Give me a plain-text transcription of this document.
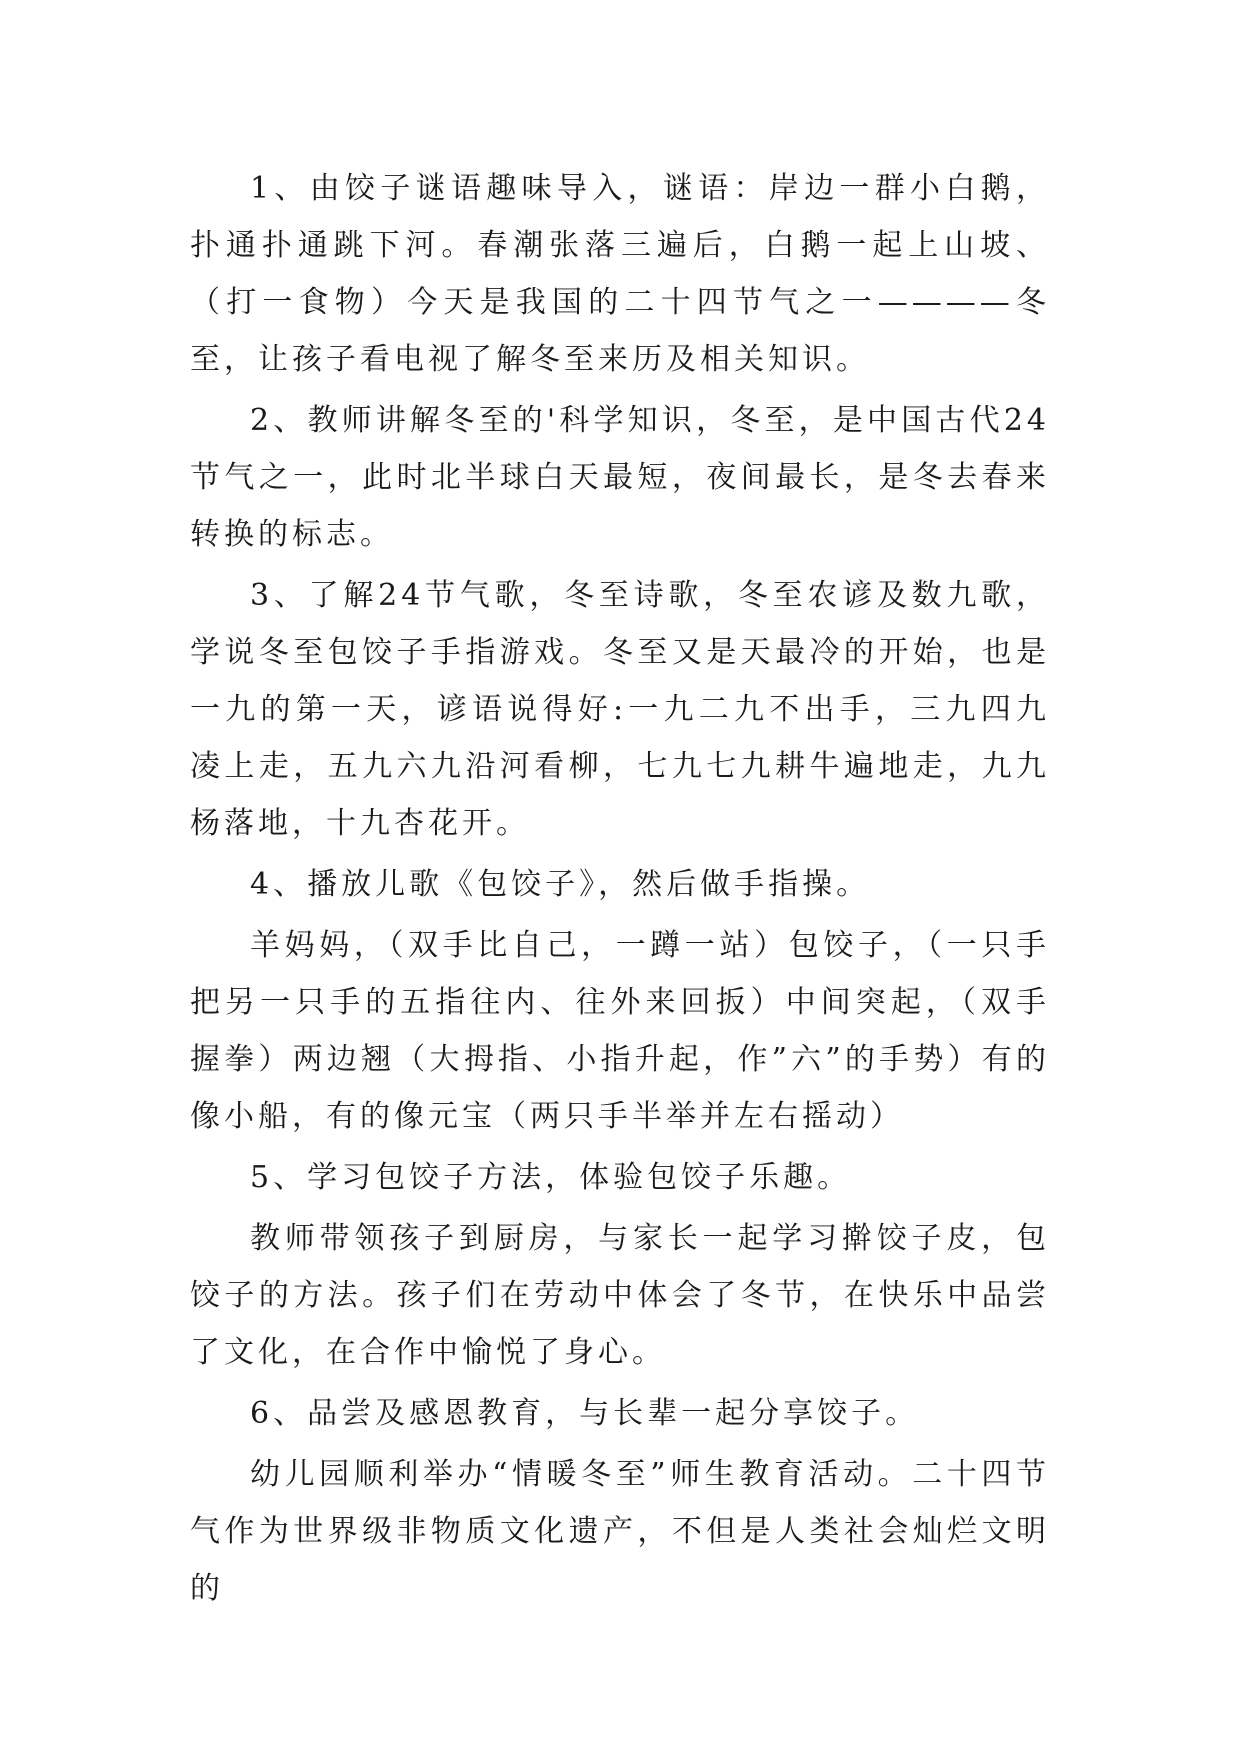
1、由饺子谜语趣味导入，谜语：岸边一群小白鹅，扑通扑通跳下河。春潮张落三遍后，白鹅一起上山坡、（打一食物）今天是我国的二十四节气之一————冬至，让孩子看电视了解冬至来历及相关知识。

2、教师讲解冬至的'科学知识，冬至，是中国古代24节气之一，此时北半球白天最短，夜间最长，是冬去春来转换的标志。

3、了解24节气歌，冬至诗歌，冬至农谚及数九歌，学说冬至包饺子手指游戏。冬至又是天最冷的开始，也是一九的第一天，谚语说得好:一九二九不出手，三九四九凌上走，五九六九沿河看柳，七九七九耕牛遍地走，九九杨落地，十九杏花开。

4、播放儿歌《包饺子》，然后做手指操。

羊妈妈，（双手比自己，一蹲一站）包饺子，（一只手把另一只手的五指往内、往外来回扳）中间突起，（双手握拳）两边翘（大拇指、小指升起，作”六”的手势）有的像小船，有的像元宝（两只手半举并左右摇动）

5、学习包饺子方法，体验包饺子乐趣。

教师带领孩子到厨房，与家长一起学习擀饺子皮，包饺子的方法。孩子们在劳动中体会了冬节，在快乐中品尝了文化，在合作中愉悦了身心。

6、品尝及感恩教育，与长辈一起分享饺子。

幼儿园顺利举办“情暖冬至”师生教育活动。二十四节气作为世界级非物质文化遗产，不但是人类社会灿烂文明的
